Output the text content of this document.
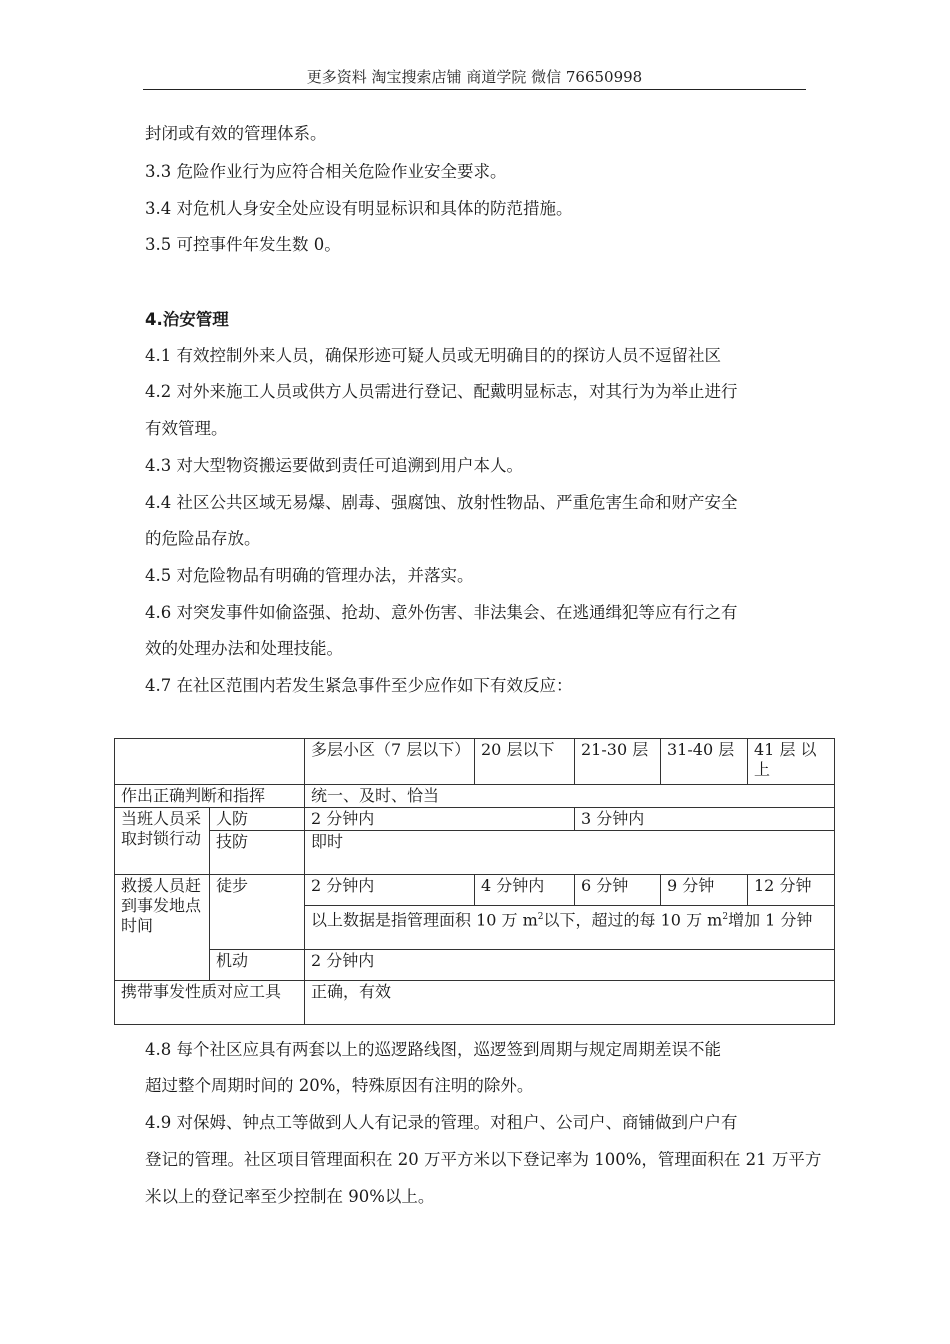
更多资料 淘宝搜索店铺 商道学院 微信 76650998
封闭或有效的管理体系。
3.3 危险作业行为应符合相关危险作业安全要求。
3.4 对危机人身安全处应设有明显标识和具体的防范措施。
3.5 可控事件年发生数 0。
4.治安管理
4.1 有效控制外来人员，确保形迹可疑人员或无明确目的的探访人员不逗留社区
4.2 对外来施工人员或供方人员需进行登记、配戴明显标志，对其行为为举止进行
有效管理。
4.3 对大型物资搬运要做到责任可追溯到用户本人。
4.4 社区公共区域无易爆、剧毒、强腐蚀、放射性物品、严重危害生命和财产安全
的危险品存放。
4.5 对危险物品有明确的管理办法，并落实。
4.6 对突发事件如偷盗强、抢劫、意外伤害、非法集会、在逃通缉犯等应有行之有
效的处理办法和处理技能。
4.7 在社区范围内若发生紧急事件至少应作如下有效反应：
		多层小区（7 层以下）	20 层以下	21-30 层	31-40 层	41 层 以上
作出正确判断和指挥		统一、及时、恰当				
当班人员采取封锁行动	人防	2 分钟内		3 分钟内		
	技防	即时				
救援人员赶到事发地点时间	徒步	2 分钟内	4 分钟内	6 分钟	9 分钟	12 分钟
		以上数据是指管理面积 10 万 $m^2$以下，超过的每 10 万 $m^2$增加 1 分钟				
	机动	2 分钟内				
携带事发性质对应工具		正确，有效				
4.8 每个社区应具有两套以上的巡逻路线图，巡逻签到周期与规定周期差误不能
超过整个周期时间的 20%，特殊原因有注明的除外。
4.9 对保姆、钟点工等做到人人有记录的管理。对租户、公司户、商铺做到户户有
登记的管理。社区项目管理面积在 20 万平方米以下登记率为 100%，管理面积在 21 万平方
米以上的登记率至少控制在 90%以上。
